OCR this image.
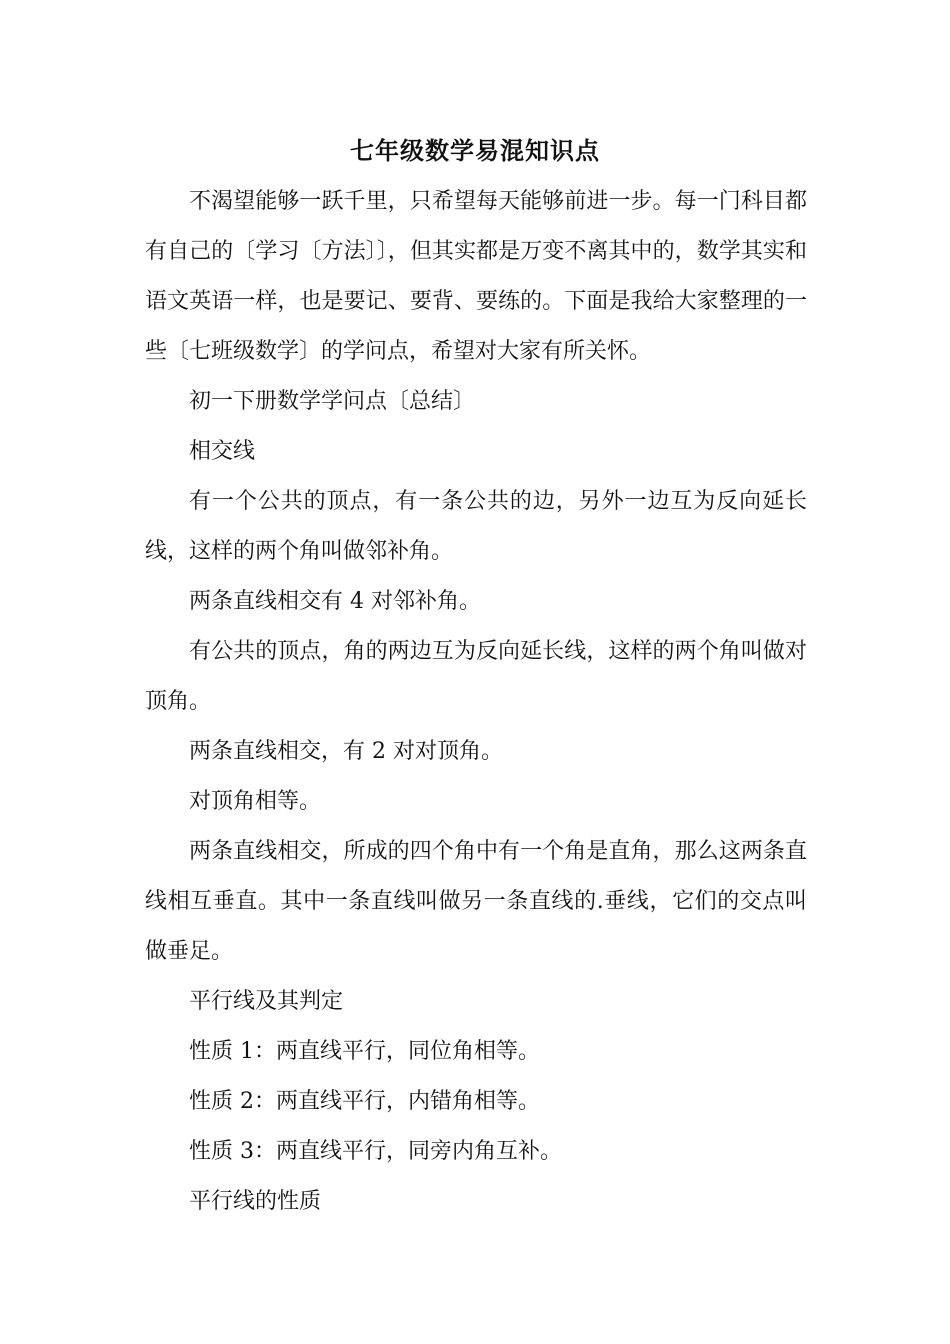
七年级数学易混知识点

不渴望能够一跃千里，只希望每天能够前进一步。每一门科目都有自己的〔学习〔方法〕〕，但其实都是万变不离其中的，数学其实和语文英语一样，也是要记、要背、要练的。下面是我给大家整理的一些〔七班级数学〕的学问点，希望对大家有所关怀。

初一下册数学学问点〔总结〕

相交线

有一个公共的顶点，有一条公共的边，另外一边互为反向延长线，这样的两个角叫做邻补角。

两条直线相交有 4 对邻补角。

有公共的顶点，角的两边互为反向延长线，这样的两个角叫做对顶角。

两条直线相交，有 2 对对顶角。

对顶角相等。

两条直线相交，所成的四个角中有一个角是直角，那么这两条直线相互垂直。其中一条直线叫做另一条直线的.垂线，它们的交点叫做垂足。

平行线及其判定

性质 1：两直线平行，同位角相等。

性质 2：两直线平行，内错角相等。

性质 3：两直线平行，同旁内角互补。

平行线的性质
